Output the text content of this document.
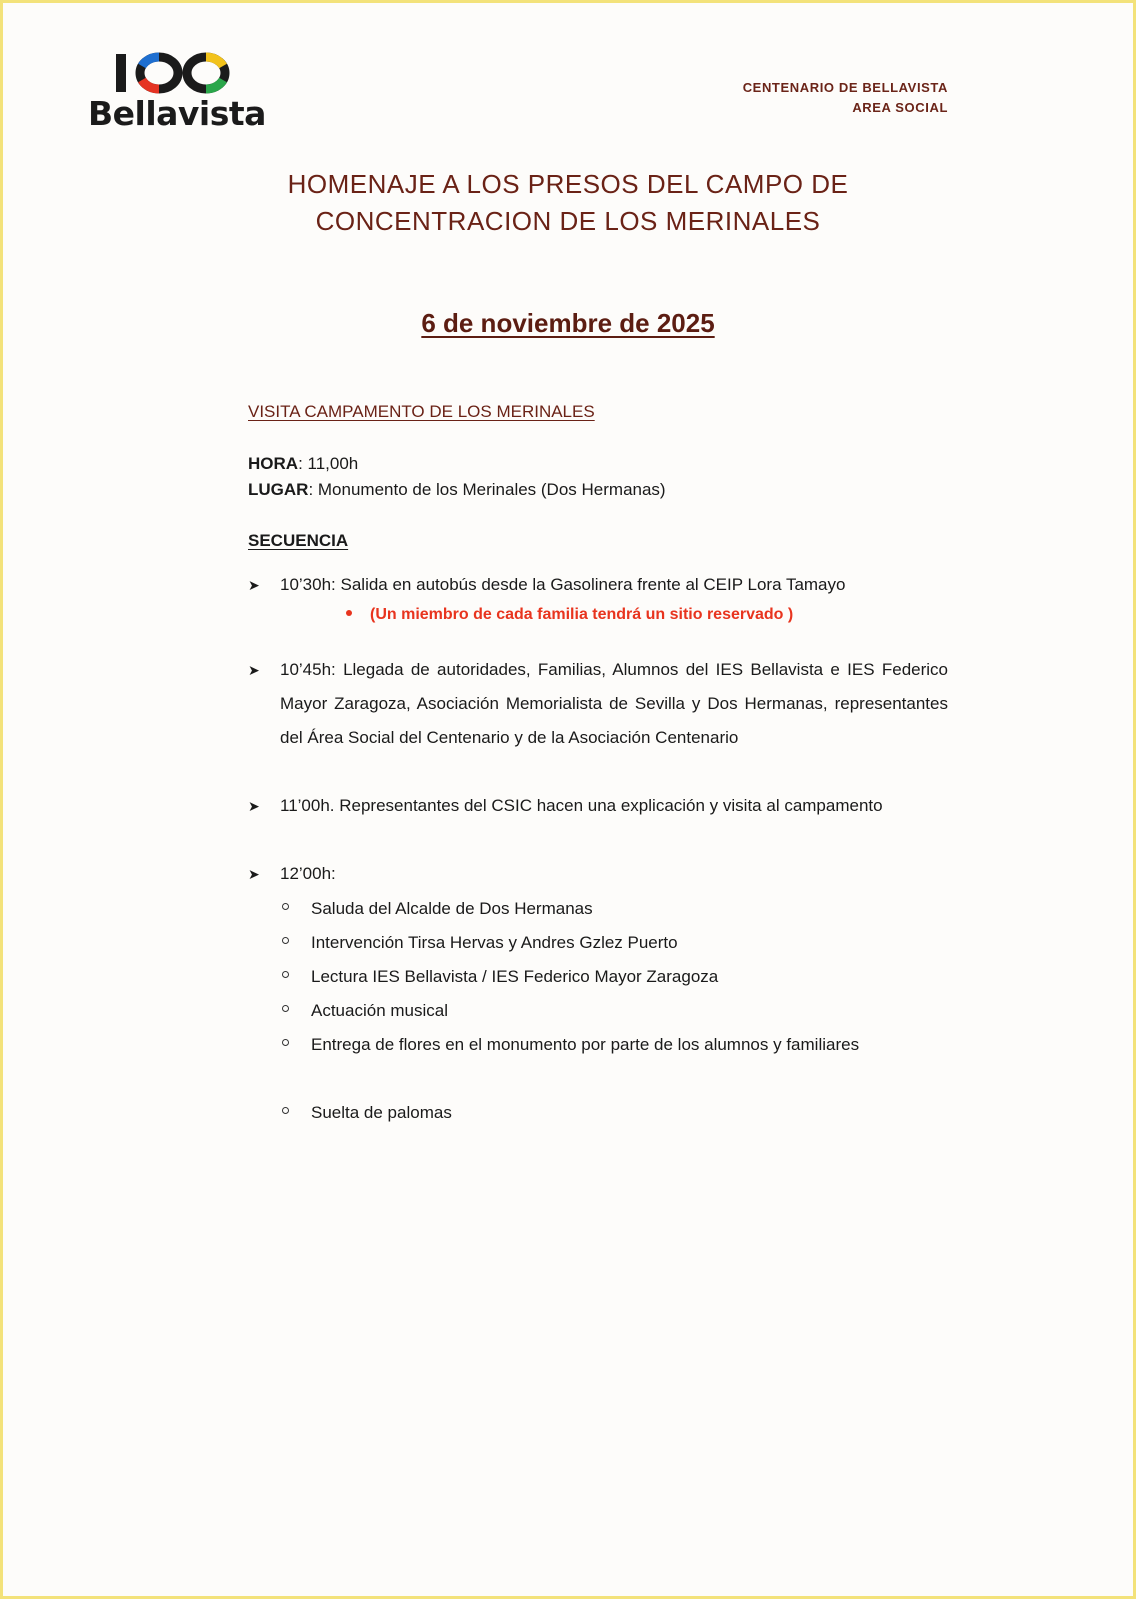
Bellavista
CENTENARIO DE BELLAVISTA
AREA SOCIAL
HOMENAJE A LOS PRESOS DEL CAMPO DE
CONCENTRACION DE LOS MERINALES
6 de noviembre de 2025
VISITA CAMPAMENTO DE LOS MERINALES
HORA: 11,00h
LUGAR: Monumento de los Merinales (Dos Hermanas)
SECUENCIA
➤	10’30h: Salida en autobús desde la Gasolinera frente al CEIP Lora Tamayo
(Un miembro de cada familia tendrá un sitio reservado )
➤	10’45h: Llegada de autoridades, Familias, Alumnos del IES Bellavista e IES Federico Mayor Zaragoza, Asociación Memorialista de Sevilla y Dos Hermanas, representantes del Área Social del Centenario y de la Asociación Centenario
➤	11’00h. Representantes del CSIC hacen una explicación y visita al campamento
➤	12’00h:
Saluda del Alcalde de Dos Hermanas
Intervención Tirsa Hervas y Andres Gzlez Puerto
Lectura IES Bellavista / IES Federico Mayor Zaragoza
Actuación musical
Entrega de flores en el monumento por parte de los alumnos y familiares
Suelta de palomas
